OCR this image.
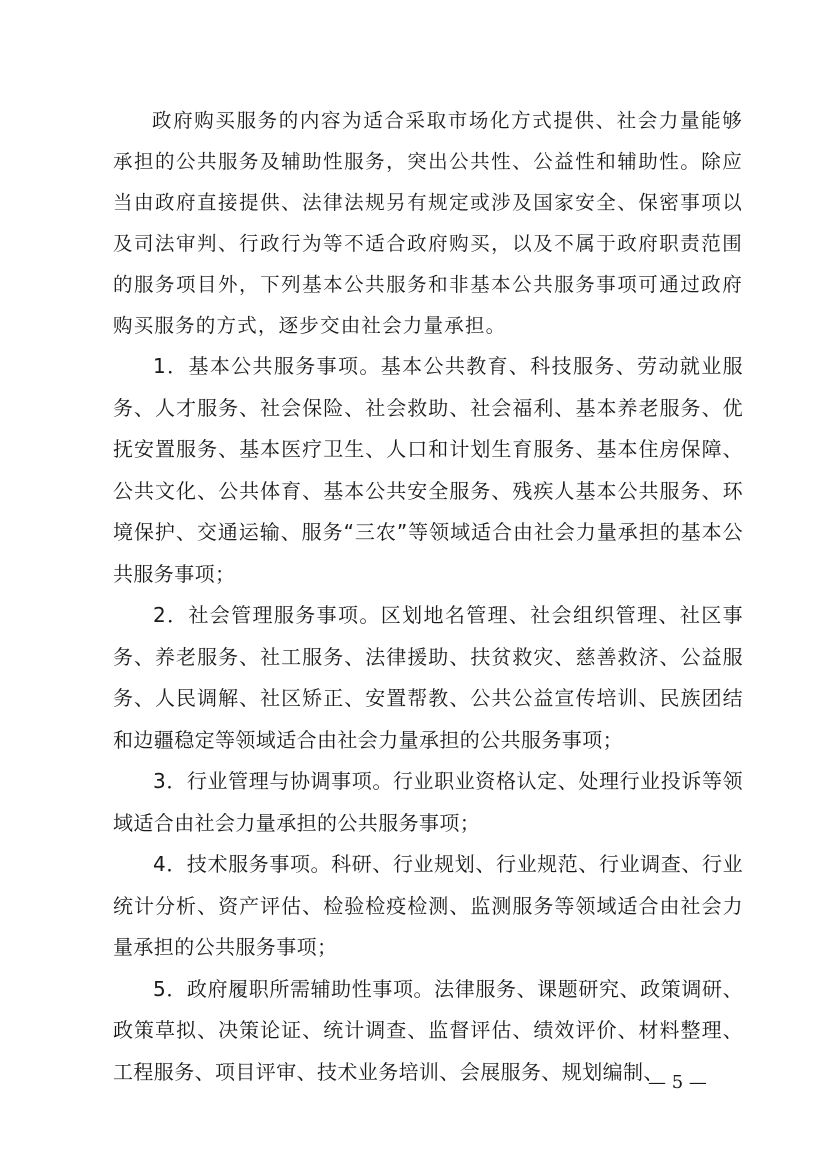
政府购买服务的内容为适合采取市场化方式提供、社会力量能够承担的公共服务及辅助性服务，突出公共性、公益性和辅助性。除应当由政府直接提供、法律法规另有规定或涉及国家安全、保密事项以及司法审判、行政行为等不适合政府购买，以及不属于政府职责范围的服务项目外，下列基本公共服务和非基本公共服务事项可通过政府购买服务的方式，逐步交由社会力量承担。

1．基本公共服务事项。基本公共教育、科技服务、劳动就业服务、人才服务、社会保险、社会救助、社会福利、基本养老服务、优抚安置服务、基本医疗卫生、人口和计划生育服务、基本住房保障、公共文化、公共体育、基本公共安全服务、残疾人基本公共服务、环境保护、交通运输、服务“三农”等领域适合由社会力量承担的基本公共服务事项；

2．社会管理服务事项。区划地名管理、社会组织管理、社区事务、养老服务、社工服务、法律援助、扶贫救灾、慈善救济、公益服务、人民调解、社区矫正、安置帮教、公共公益宣传培训、民族团结和边疆稳定等领域适合由社会力量承担的公共服务事项；

3．行业管理与协调事项。行业职业资格认定、处理行业投诉等领域适合由社会力量承担的公共服务事项；

4．技术服务事项。科研、行业规划、行业规范、行业调查、行业统计分析、资产评估、检验检疫检测、监测服务等领域适合由社会力量承担的公共服务事项；

5．政府履职所需辅助性事项。法律服务、课题研究、政策调研、政策草拟、决策论证、统计调查、监督评估、绩效评价、材料整理、工程服务、项目评审、技术业务培训、会展服务、规划编制、

— 5 —
